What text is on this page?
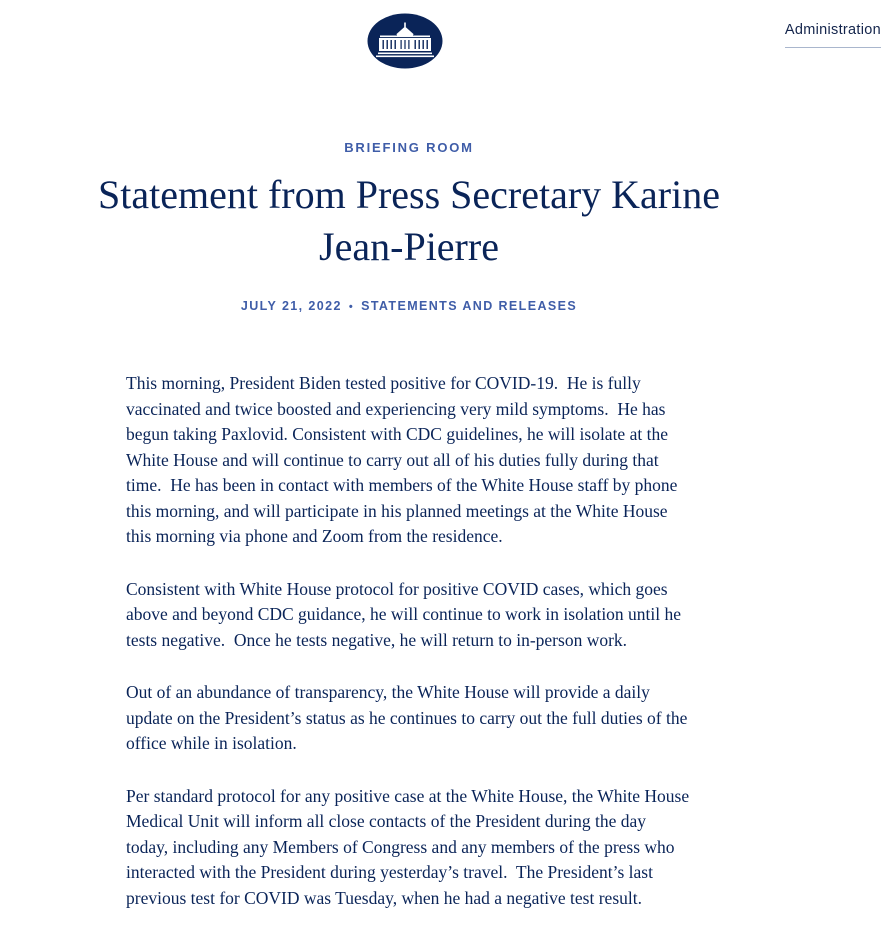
Administration
BRIEFING ROOM
Statement from Press Secretary Karine Jean-Pierre
JULY 21, 2022 • STATEMENTS AND RELEASES

This morning, President Biden tested positive for COVID-19.  He is fully vaccinated and twice boosted and experiencing very mild symptoms.  He has begun taking Paxlovid. Consistent with CDC guidelines, he will isolate at the White House and will continue to carry out all of his duties fully during that time.  He has been in contact with members of the White House staff by phone this morning, and will participate in his planned meetings at the White House this morning via phone and Zoom from the residence.

Consistent with White House protocol for positive COVID cases, which goes above and beyond CDC guidance, he will continue to work in isolation until he tests negative.  Once he tests negative, he will return to in-person work.

Out of an abundance of transparency, the White House will provide a daily update on the President’s status as he continues to carry out the full duties of the office while in isolation.

Per standard protocol for any positive case at the White House, the White House Medical Unit will inform all close contacts of the President during the day today, including any Members of Congress and any members of the press who interacted with the President during yesterday’s travel.  The President’s last previous test for COVID was Tuesday, when he had a negative test result.
